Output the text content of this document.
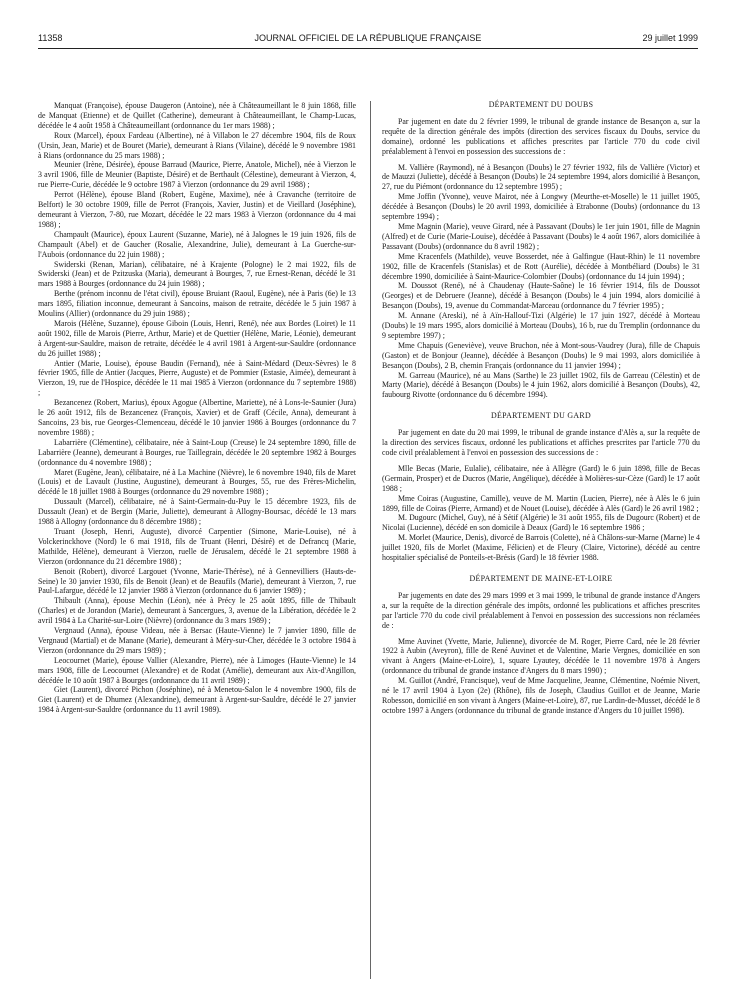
11358	JOURNAL OFFICIEL DE LA RÉPUBLIQUE FRANÇAISE	29 juillet 1999

Manquat (Françoise), épouse Daugeron (Antoine), née à Châteaumeillant le 8 juin 1868, fille de Manquat (Etienne) et de Quillet (Catherine), demeurant à Châteaumeillant, le Champ-Lucas, décédée le 4 août 1958 à Châteaumeillant (ordonnance du 1er mars 1988) ;

Roux (Marcel), époux Fardeau (Albertine), né à Villabon le 27 décembre 1904, fils de Roux (Ursin, Jean, Marie) et de Bouret (Marie), demeurant à Rians (Vilaine), décédé le 9 novembre 1981 à Rians (ordonnance du 25 mars 1988) ;

Meunier (Irène, Désirée), épouse Barraud (Maurice, Pierre, Anatole, Michel), née à Vierzon le 3 avril 1906, fille de Meunier (Baptiste, Désiré) et de Berthault (Célestine), demeurant à Vierzon, 4, rue Pierre-Curie, décédée le 9 octobre 1987 à Vierzon (ordonnance du 29 avril 1988) ;

Perrot (Hélène), épouse Bland (Robert, Eugène, Maxime), née à Cravanche (territoire de Belfort) le 30 octobre 1909, fille de Perrot (François, Xavier, Justin) et de Vieillard (Joséphine), demeurant à Vierzon, 7-80, rue Mozart, décédée le 22 mars 1983 à Vierzon (ordonnance du 4 mai 1988) ;

Champault (Maurice), époux Laurent (Suzanne, Marie), né à Jalognes le 19 juin 1926, fils de Champault (Abel) et de Gaucher (Rosalie, Alexandrine, Julie), demeurant à La Guerche-sur-l'Aubois (ordonnance du 22 juin 1988) ;

Swiderski (Renan, Marian), célibataire, né à Krajente (Pologne) le 2 mai 1922, fils de Swiderski (Jean) et de Pzitzuska (Maria), demeurant à Bourges, 7, rue Ernest-Renan, décédé le 31 mars 1988 à Bourges (ordonnance du 24 juin 1988) ;

Berthe (prénom inconnu de l'état civil), épouse Bruiant (Raoul, Eugène), née à Paris (6e) le 13 mars 1895, filiation inconnue, demeurant à Sancoins, maison de retraite, décédée le 5 juin 1987 à Moulins (Allier) (ordonnance du 29 juin 1988) ;

Marois (Hélène, Suzanne), épouse Giboin (Louis, Henri, René), née aux Bordes (Loiret) le 11 août 1902, fille de Marois (Pierre, Arthur, Marie) et de Quettier (Hélène, Marie, Léonie), demeurant à Argent-sur-Sauldre, maison de retraite, décédée le 4 avril 1981 à Argent-sur-Sauldre (ordonnance du 26 juillet 1988) ;

Antier (Marie, Louise), épouse Baudin (Fernand), née à Saint-Médard (Deux-Sèvres) le 8 février 1905, fille de Antier (Jacques, Pierre, Auguste) et de Pommier (Estasie, Aimée), demeurant à Vierzon, 19, rue de l'Hospice, décédée le 11 mai 1985 à Vierzon (ordonnance du 7 septembre 1988) ;

Bezancenez (Robert, Marius), époux Agogue (Albertine, Mariette), né à Lons-le-Saunier (Jura) le 26 août 1912, fils de Bezancenez (François, Xavier) et de Graff (Cécile, Anna), demeurant à Sancoins, 23 bis, rue Georges-Clemenceau, décédé le 10 janvier 1986 à Bourges (ordonnance du 7 novembre 1988) ;

Labarrière (Clémentine), célibataire, née à Saint-Loup (Creuse) le 24 septembre 1890, fille de Labarrière (Jeanne), demeurant à Bourges, rue Taillegrain, décédée le 20 septembre 1982 à Bourges (ordonnance du 4 novembre 1988) ;

Maret (Eugène, Jean), célibataire, né à La Machine (Nièvre), le 6 novembre 1940, fils de Maret (Louis) et de Lavault (Justine, Augustine), demeurant à Bourges, 55, rue des Frères-Michelin, décédé le 18 juillet 1988 à Bourges (ordonnance du 29 novembre 1988) ;

Dussault (Marcel), célibataire, né à Saint-Germain-du-Puy le 15 décembre 1923, fils de Dussault (Jean) et de Bergin (Marie, Juliette), demeurant à Allogny-Boursac, décédé le 13 mars 1988 à Allogny (ordonnance du 8 décembre 1988) ;

Truant (Joseph, Henri, Auguste), divorcé Carpentier (Simone, Marie-Louise), né à Volckerinckhove (Nord) le 6 mai 1918, fils de Truant (Henri, Désiré) et de Defrancq (Marie, Mathilde, Hélène), demeurant à Vierzon, ruelle de Jérusalem, décédé le 21 septembre 1988 à Vierzon (ordonnance du 21 décembre 1988) ;

Benoit (Robert), divorcé Largouet (Yvonne, Marie-Thérèse), né à Gennevilliers (Hauts-de-Seine) le 30 janvier 1930, fils de Benoit (Jean) et de Beaufils (Marie), demeurant à Vierzon, 7, rue Paul-Lafargue, décédé le 12 janvier 1988 à Vierzon (ordonnance du 6 janvier 1989) ;

Thibault (Anna), épouse Mechin (Léon), née à Précy le 25 août 1895, fille de Thibault (Charles) et de Jorandon (Marie), demeurant à Sancergues, 3, avenue de la Libération, décédée le 2 avril 1984 à La Charité-sur-Loire (Nièvre) (ordonnance du 3 mars 1989) ;

Vergnaud (Anna), épouse Videau, née à Bersac (Haute-Vienne) le 7 janvier 1890, fille de Vergnaud (Martial) et de Manane (Marie), demeurant à Méry-sur-Cher, décédée le 3 octobre 1984 à Vierzon (ordonnance du 29 mars 1989) ;

Leocournet (Marie), épouse Vallier (Alexandre, Pierre), née à Limoges (Haute-Vienne) le 14 mars 1908, fille de Leocournet (Alexandre) et de Rodat (Amélie), demeurant aux Aix-d'Angillon, décédée le 10 août 1987 à Bourges (ordonnance du 11 avril 1989) ;

Giet (Laurent), divorcé Pichon (Joséphine), né à Menetou-Salon le 4 novembre 1900, fils de Giet (Laurent) et de Dhumez (Alexandrine), demeurant à Argent-sur-Sauldre, décédé le 27 janvier 1984 à Argent-sur-Sauldre (ordonnance du 11 avril 1989).

DÉPARTEMENT DU DOUBS

Par jugement en date du 2 février 1999, le tribunal de grande instance de Besançon a, sur la requête de la direction générale des impôts (direction des services fiscaux du Doubs, service du domaine), ordonné les publications et affiches prescrites par l'article 770 du code civil préalablement à l'envoi en possession des successions de :

M. Vallière (Raymond), né à Besançon (Doubs) le 27 février 1932, fils de Vallière (Victor) et de Mauzzi (Juliette), décédé à Besançon (Doubs) le 24 septembre 1994, alors domicilié à Besançon, 27, rue du Piémont (ordonnance du 12 septembre 1995) ;

Mme Joffin (Yvonne), veuve Mairot, née à Longwy (Meurthe-et-Moselle) le 11 juillet 1905, décédée à Besançon (Doubs) le 20 avril 1993, domiciliée à Etrabonne (Doubs) (ordonnance du 13 septembre 1994) ;

Mme Magnin (Marie), veuve Girard, née à Passavant (Doubs) le 1er juin 1901, fille de Magnin (Alfred) et de Curie (Marie-Louise), décédée à Passavant (Doubs) le 4 août 1967, alors domiciliée à Passavant (Doubs) (ordonnance du 8 avril 1982) ;

Mme Kracenfels (Mathilde), veuve Bosserdet, née à Galfingue (Haut-Rhin) le 11 novembre 1902, fille de Kracenfels (Stanislas) et de Rott (Aurélie), décédée à Montbéliard (Doubs) le 31 décembre 1990, domiciliée à Saint-Maurice-Colombier (Doubs) (ordonnance du 14 juin 1994) ;

M. Doussot (René), né à Chaudenay (Haute-Saône) le 16 février 1914, fils de Doussot (Georges) et de Debruere (Jeanne), décédé à Besançon (Doubs) le 4 juin 1994, alors domicilié à Besançon (Doubs), 19, avenue du Commandat-Marceau (ordonnance du 7 février 1995) ;

M. Annane (Areski), né à Aïn-Hallouf-Tizi (Algérie) le 17 juin 1927, décédé à Morteau (Doubs) le 19 mars 1995, alors domicilié à Morteau (Doubs), 16 b, rue du Tremplin (ordonnance du 9 septembre 1997) ;

Mme Chapuis (Geneviève), veuve Bruchon, née à Mont-sous-Vaudrey (Jura), fille de Chapuis (Gaston) et de Bonjour (Jeanne), décédée à Besançon (Doubs) le 9 mai 1993, alors domiciliée à Besançon (Doubs), 2 B, chemin Français (ordonnance du 11 janvier 1994) ;

M. Garreau (Maurice), né au Mans (Sarthe) le 23 juillet 1902, fils de Garreau (Célestin) et de Marty (Marie), décédé à Besançon (Doubs) le 4 juin 1962, alors domicilié à Besançon (Doubs), 42, faubourg Rivotte (ordonnance du 6 décembre 1994).

DÉPARTEMENT DU GARD

Par jugement en date du 20 mai 1999, le tribunal de grande instance d'Alès a, sur la requête de la direction des services fiscaux, ordonné les publications et affiches prescrites par l'article 770 du code civil préalablement à l'envoi en possession des successions de :

Mlle Becas (Marie, Eulalie), célibataire, née à Allègre (Gard) le 6 juin 1898, fille de Becas (Germain, Prosper) et de Ducros (Marie, Angélique), décédée à Molières-sur-Cèze (Gard) le 17 août 1988 ;

Mme Coiras (Augustine, Camille), veuve de M. Martin (Lucien, Pierre), née à Alès le 6 juin 1899, fille de Coiras (Pierre, Armand) et de Nouet (Louise), décédée à Alès (Gard) le 26 avril 1982 ;

M. Dugourc (Michel, Guy), né à Sétif (Algérie) le 31 août 1955, fils de Dugourc (Robert) et de Nicolai (Lucienne), décédé en son domicile à Deaux (Gard) le 16 septembre 1986 ;

M. Morlet (Maurice, Denis), divorcé de Barrois (Colette), né à Châlons-sur-Marne (Marne) le 4 juillet 1920, fils de Morlet (Maxime, Félicien) et de Fleury (Claire, Victorine), décédé au centre hospitalier spécialisé de Ponteils-et-Brésis (Gard) le 18 février 1988.

DÉPARTEMENT DE MAINE-ET-LOIRE

Par jugements en date des 29 mars 1999 et 3 mai 1999, le tribunal de grande instance d'Angers a, sur la requête de la direction générale des impôts, ordonné les publications et affiches prescrites par l'article 770 du code civil préalablement à l'envoi en possession des successions non réclamées de :

Mme Auvinet (Yvette, Marie, Julienne), divorcée de M. Roger, Pierre Card, née le 28 février 1922 à Aubin (Aveyron), fille de René Auvinet et de Valentine, Marie Vergnes, domiciliée en son vivant à Angers (Maine-et-Loire), 1, square Lyautey, décédée le 11 novembre 1978 à Angers (ordonnance du tribunal de grande instance d'Angers du 8 mars 1990) ;

M. Guillot (André, Francisque), veuf de Mme Jacqueline, Jeanne, Clémentine, Noémie Nivert, né le 17 avril 1904 à Lyon (2e) (Rhône), fils de Joseph, Claudius Guillot et de Jeanne, Marie Robesson, domicilié en son vivant à Angers (Maine-et-Loire), 87, rue Lardin-de-Musset, décédé le 8 octobre 1997 à Angers (ordonnance du tribunal de grande instance d'Angers du 10 juillet 1998).
